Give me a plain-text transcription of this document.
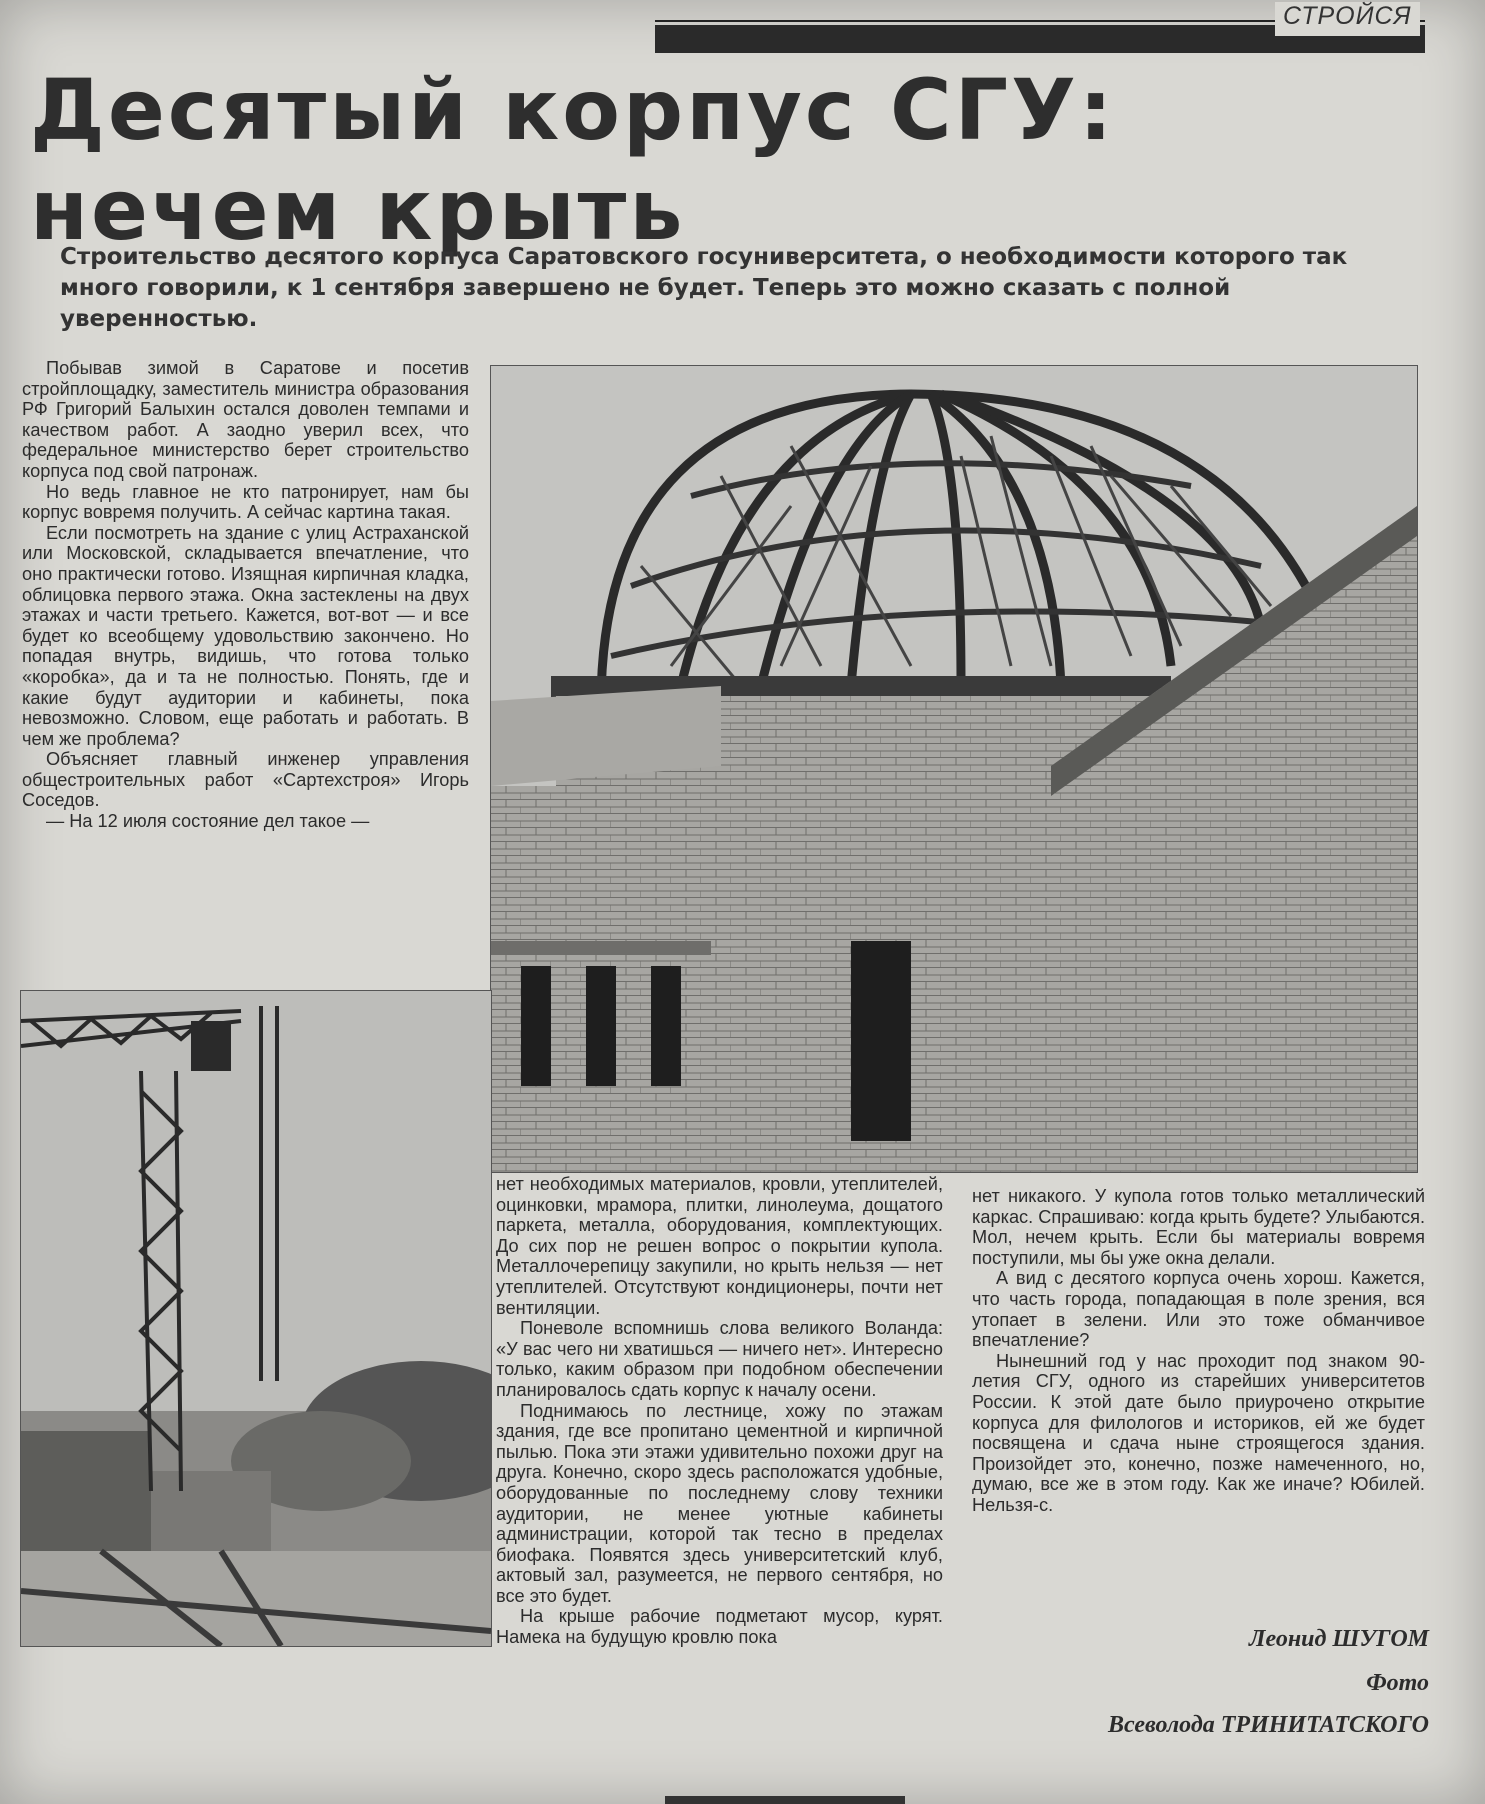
СТРОЙСЯ
Десятый корпус СГУ:
нечем крыть

Строительство десятого корпуса Саратовского госуниверситета, о необходимости которого так много говорили, к 1 сентября завершено не будет. Теперь это можно сказать с полной уверенностью.

Побывав зимой в Саратове и посетив стройплощадку, заместитель министра образования РФ Григорий Балыхин остался доволен темпами и качеством работ. А заодно уверил всех, что федеральное министерство берет строительство корпуса под свой патронаж.

Но ведь главное не кто патронирует, нам бы корпус вовремя получить. А сейчас картина такая.

Если посмотреть на здание с улиц Астраханской или Московской, складывается впечатление, что оно практически готово. Изящная кирпичная кладка, облицовка первого этажа. Окна застеклены на двух этажах и части третьего. Кажется, вот-вот — и все будет ко всеобщему удовольствию закончено. Но попадая внутрь, видишь, что готова только «коробка», да и та не полностью. Понять, где и какие будут аудитории и кабинеты, пока невозможно. Словом, еще работать и работать. В чем же проблема?

Объясняет главный инженер управления общестроительных работ «Сартехстроя» Игорь Соседов.

— На 12 июля состояние дел такое —

нет необходимых материалов, кровли, утеплителей, оцинковки, мрамора, плитки, линолеума, дощатого паркета, металла, оборудования, комплектующих. До сих пор не решен вопрос о покрытии купола. Металлочерепицу закупили, но крыть нельзя — нет утеплителей. Отсутствуют кондиционеры, почти нет вентиляции.

Поневоле вспомнишь слова великого Воланда: «У вас чего ни хватишься — ничего нет». Интересно только, каким образом при подобном обеспечении планировалось сдать корпус к началу осени.

Поднимаюсь по лестнице, хожу по этажам здания, где все пропитано цементной и кирпичной пылью. Пока эти этажи удивительно похожи друг на друга. Конечно, скоро здесь расположатся удобные, оборудованные по последнему слову техники аудитории, не менее уютные кабинеты администрации, которой так тесно в пределах биофака. Появятся здесь университетский клуб, актовый зал, разумеется, не первого сентября, но все это будет.

На крыше рабочие подметают мусор, курят. Намека на будущую кровлю пока

нет никакого. У купола готов только металлический каркас. Спрашиваю: когда крыть будете? Улыбаются. Мол, нечем крыть. Если бы материалы вовремя поступили, мы бы уже окна делали.

А вид с десятого корпуса очень хорош. Кажется, что часть города, попадающая в поле зрения, вся утопает в зелени. Или это тоже обманчивое впечатление?

Нынешний год у нас проходит под знаком 90-летия СГУ, одного из старейших университетов России. К этой дате было приурочено открытие корпуса для филологов и историков, ей же будет посвящена и сдача ныне строящегося здания. Произойдет это, конечно, позже намеченного, но, думаю, все же в этом году. Как же иначе? Юбилей. Нельзя-с.

Леонид ШУГОМ
Фото
Всеволода ТРИНИТАТСКОГО
